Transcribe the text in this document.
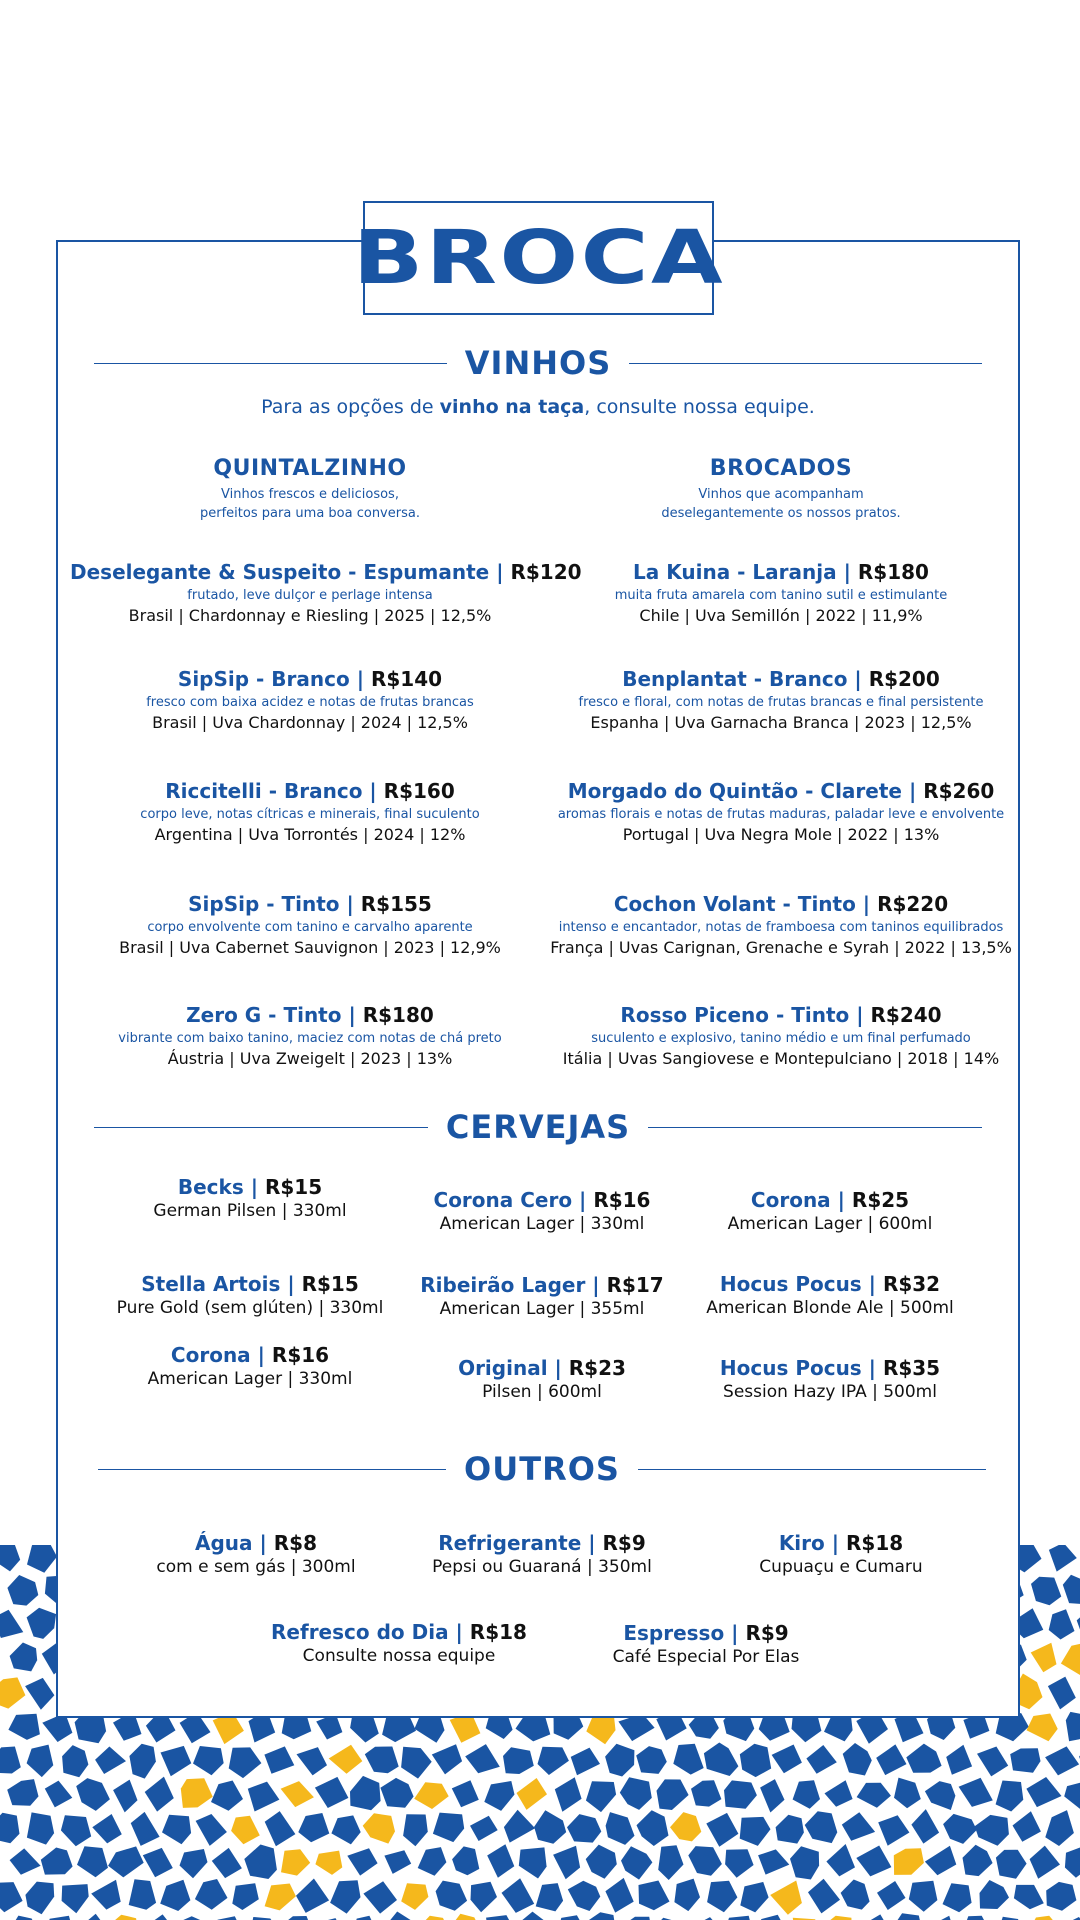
BROCA
VINHOS
Para as opções de vinho na taça, consulte nossa equipe.
QUINTALZINHO
Vinhos frescos e deliciosos,
perfeitos para uma boa conversa.
BROCADOS
Vinhos que acompanham
deselegantemente os nossos pratos.
Deselegante & Suspeito - Espumante | R$120
frutado, leve dulçor e perlage intensa
Brasil | Chardonnay e Riesling | 2025 | 12,5%
SipSip - Branco | R$140
fresco com baixa acidez e notas de frutas brancas
Brasil | Uva Chardonnay | 2024 | 12,5%
Riccitelli - Branco | R$160
corpo leve, notas cítricas e minerais, final suculento
Argentina | Uva Torrontés | 2024 | 12%
SipSip - Tinto | R$155
corpo envolvente com tanino e carvalho aparente
Brasil | Uva Cabernet Sauvignon | 2023 | 12,9%
Zero G - Tinto | R$180
vibrante com baixo tanino, maciez com notas de chá preto
Áustria | Uva Zweigelt | 2023 | 13%
La Kuina - Laranja | R$180
muita fruta amarela com tanino sutil e estimulante
Chile | Uva Semillón | 2022 | 11,9%
Benplantat - Branco | R$200
fresco e floral, com notas de frutas brancas e final persistente
Espanha | Uva Garnacha Branca | 2023 | 12,5%
Morgado do Quintão - Clarete | R$260
aromas florais e notas de frutas maduras, paladar leve e envolvente
Portugal | Uva Negra Mole | 2022 | 13%
Cochon Volant - Tinto | R$220
intenso e encantador, notas de framboesa com taninos equilibrados
França | Uvas Carignan, Grenache e Syrah | 2022 | 13,5%
Rosso Piceno - Tinto | R$240
suculento e explosivo, tanino médio e um final perfumado
Itália | Uvas Sangiovese e Montepulciano | 2018 | 14%
CERVEJAS
Becks | R$15
German Pilsen | 330ml	Corona Cero | R$16
American Lager | 330ml
Corona | R$25
American Lager | 600ml
Stella Artois | R$15
Pure Gold (sem glúten) | 330ml
Ribeirão Lager | R$17
American Lager | 355ml
Hocus Pocus | R$32
American Blonde Ale | 500ml
Corona | R$16
American Lager | 330ml	Original | R$23
Pilsen | 600ml
Hocus Pocus | R$35
Session Hazy IPA | 500ml
OUTROS
Água | R$8
com e sem gás | 300ml
Refrigerante | R$9
Pepsi ou Guaraná | 350ml
Kiro | R$18
Cupuaçu e Cumaru
Refresco do Dia | R$18
Consulte nossa equipe
Espresso | R$9
Café Especial Por Elas
